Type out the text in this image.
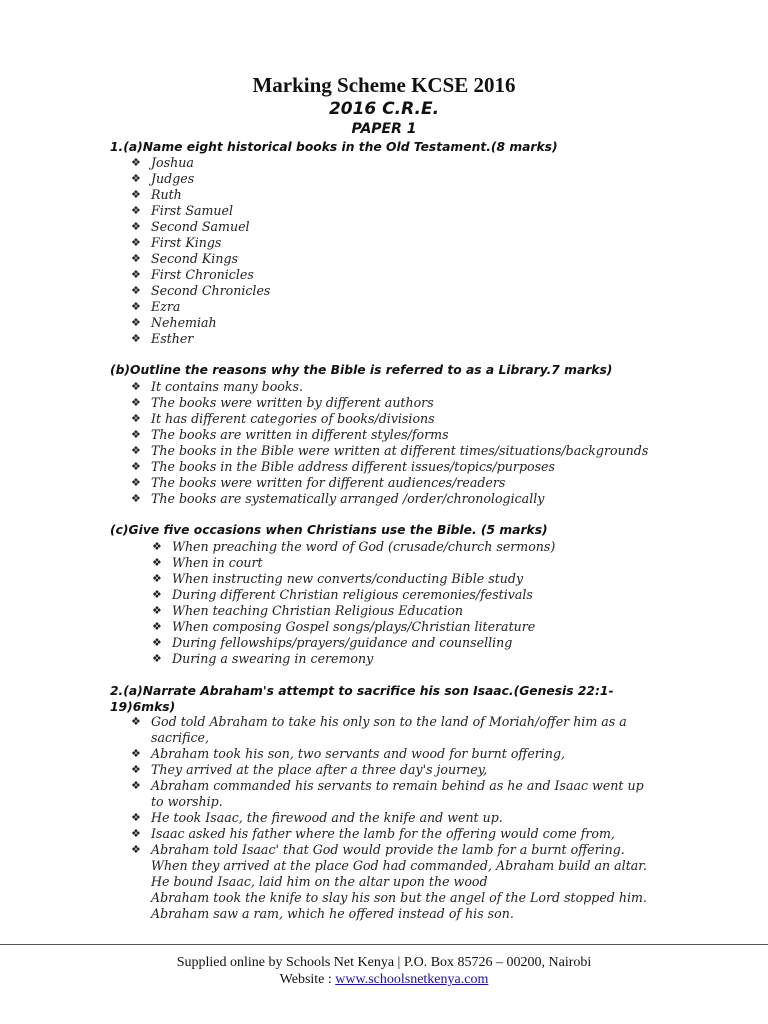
Marking Scheme KCSE 2016
2016 C.R.E.
PAPER 1
1.(a)Name eight historical books in the Old Testament.(8 marks)
❖ Joshua
❖ Judges
❖ Ruth
❖ First Samuel
❖ Second Samuel
❖ First Kings
❖ Second Kings
❖ First Chronicles
❖ Second Chronicles
❖ Ezra
❖ Nehemiah
❖ Esther
(b)Outline the reasons why the Bible is referred to as a Library.7 marks)
❖ It contains many books.
❖ The books were written by different authors
❖ It has different categories of books/divisions
❖ The books are written in different styles/forms
❖ The books in the Bible were written at different times/situations/backgrounds
❖ The books in the Bible address different issues/topics/purposes
❖ The books were written for different audiences/readers
❖ The books are systematically arranged /order/chronologically
(c)Give five occasions when Christians use the Bible. (5 marks)
❖ When preaching the word of God (crusade/church sermons)
❖ When in court
❖ When instructing new converts/conducting Bible study
❖ During different Christian religious ceremonies/festivals
❖ When teaching Christian Religious Education
❖ When composing Gospel songs/plays/Christian literature
❖ During fellowships/prayers/guidance and counselling
❖ During a swearing in ceremony
2.(a)Narrate Abraham's attempt to sacrifice his son Isaac.(Genesis 22:1-
19)6mks)
❖ God told Abraham to take his only son to the land of Moriah/offer him as a sacrifice,
❖ Abraham took his son, two servants and wood for burnt offering,
❖ They arrived at the place after a three day's journey,
❖ Abraham commanded his servants to remain behind as he and Isaac went up to worship.
❖ He took Isaac, the firewood and the knife and went up.
❖ Isaac asked his father where the lamb for the offering would come from,
❖ Abraham told Isaac' that God would provide the lamb for a burnt offering.
When they arrived at the place God had commanded, Abraham build an altar.
He bound Isaac, laid him on the altar upon the wood
Abraham took the knife to slay his son but the angel of the Lord stopped him.
Abraham saw a ram, which he offered instead of his son.
Supplied online by Schools Net Kenya | P.O. Box 85726 – 00200, Nairobi
Website : www.schoolsnetkenya.com
